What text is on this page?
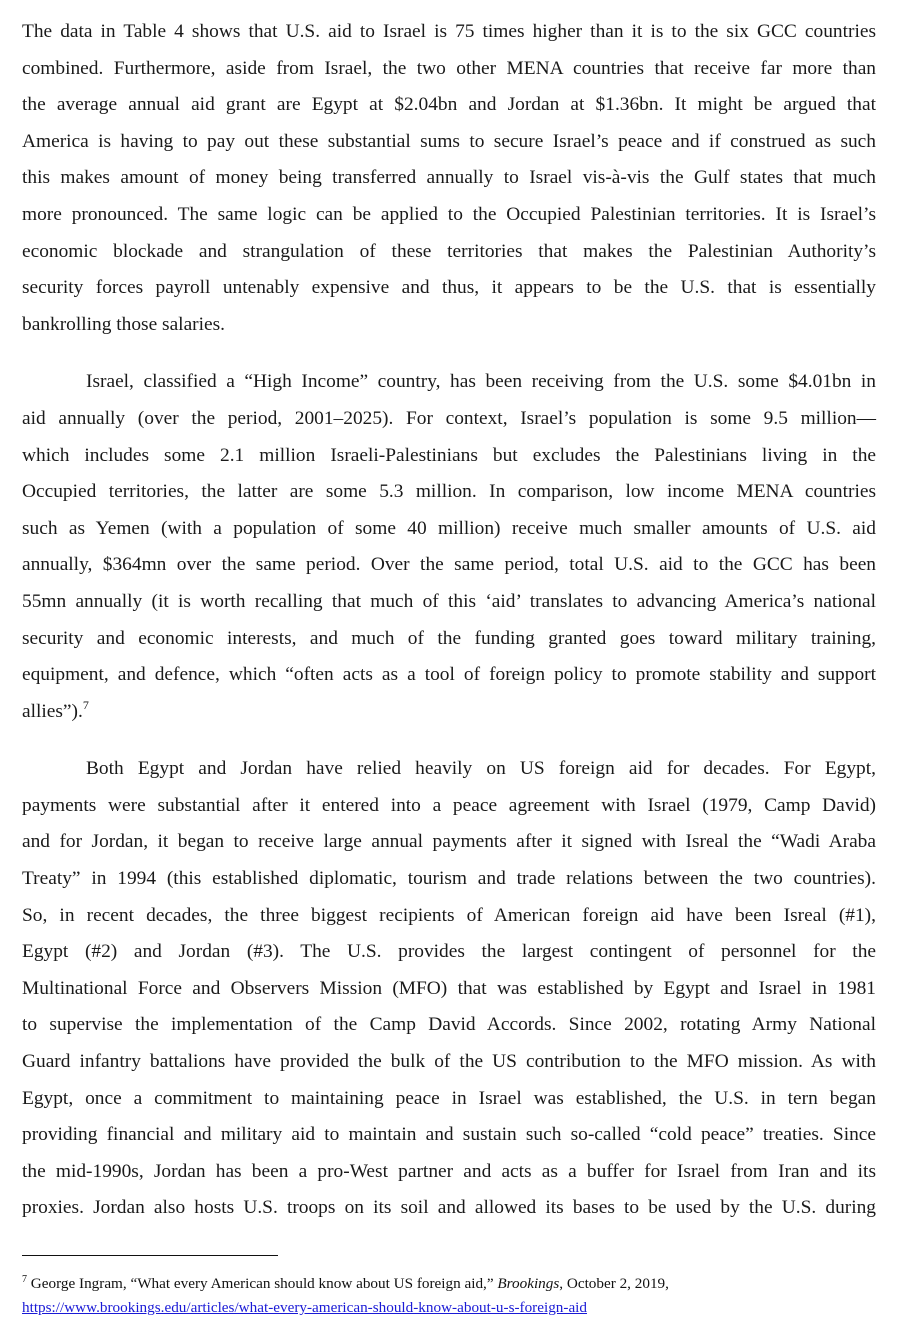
The data in Table 4 shows that U.S. aid to Israel is 75 times higher than it is to the six GCC countries
combined. Furthermore, aside from Israel, the two other MENA countries that receive far more than
the average annual aid grant are Egypt at $2.04bn and Jordan at $1.36bn. It might be argued that
America is having to pay out these substantial sums to secure Israel’s peace and if construed as such
this makes amount of money being transferred annually to Israel vis-à-vis the Gulf states that much
more pronounced. The same logic can be applied to the Occupied Palestinian territories. It is Israel’s
economic blockade and strangulation of these territories that makes the Palestinian Authority’s
security forces payroll untenably expensive and thus, it appears to be the U.S. that is essentially
bankrolling those salaries.
Israel, classified a “High Income” country, has been receiving from the U.S. some $4.01bn in
aid annually (over the period, 2001–2025). For context, Israel’s population is some 9.5 million—
which includes some 2.1 million Israeli-Palestinians but excludes the Palestinians living in the
Occupied territories, the latter are some 5.3 million. In comparison, low income MENA countries
such as Yemen (with a population of some 40 million) receive much smaller amounts of U.S. aid
annually, $364mn over the same period. Over the same period, total U.S. aid to the GCC has been
55mn annually (it is worth recalling that much of this ‘aid’ translates to advancing America’s national
security and economic interests, and much of the funding granted goes toward military training,
equipment, and defence, which “often acts as a tool of foreign policy to promote stability and support
allies”).$^7$
Both Egypt and Jordan have relied heavily on US foreign aid for decades. For Egypt,
payments were substantial after it entered into a peace agreement with Israel (1979, Camp David)
and for Jordan, it began to receive large annual payments after it signed with Isreal the “Wadi Araba
Treaty” in 1994 (this established diplomatic, tourism and trade relations between the two countries).
So, in recent decades, the three biggest recipients of American foreign aid have been Isreal (#1),
Egypt (#2) and Jordan (#3). The U.S. provides the largest contingent of personnel for the
Multinational Force and Observers Mission (MFO) that was established by Egypt and Israel in 1981
to supervise the implementation of the Camp David Accords. Since 2002, rotating Army National
Guard infantry battalions have provided the bulk of the US contribution to the MFO mission. As with
Egypt, once a commitment to maintaining peace in Israel was established, the U.S. in tern began
providing financial and military aid to maintain and sustain such so-called “cold peace” treaties. Since
the mid-1990s, Jordan has been a pro-West partner and acts as a buffer for Israel from Iran and its
proxies. Jordan also hosts U.S. troops on its soil and allowed its bases to be used by the U.S. during
$^7$ George Ingram, “What every American should know about US foreign aid,” Brookings, October 2, 2019,
https://www.brookings.edu/articles/what-every-american-should-know-about-u-s-foreign-aid
